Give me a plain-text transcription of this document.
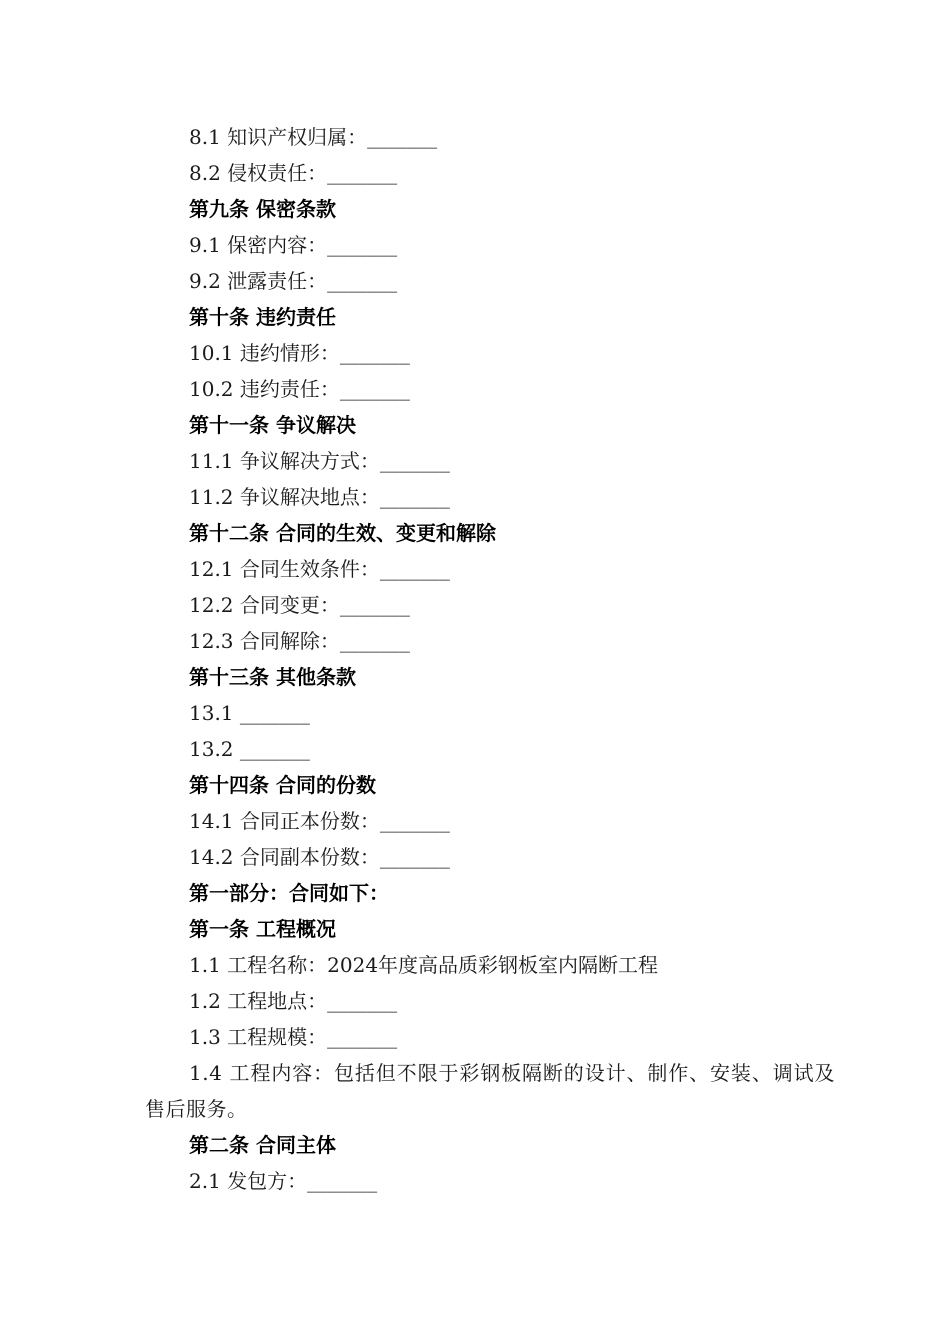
8.1 知识产权归属：_______
8.2 侵权责任：_______
第九条 保密条款
9.1 保密内容：_______
9.2 泄露责任：_______
第十条 违约责任
10.1 违约情形：_______
10.2 违约责任：_______
第十一条 争议解决
11.1 争议解决方式：_______
11.2 争议解决地点：_______
第十二条 合同的生效、变更和解除
12.1 合同生效条件：_______
12.2 合同变更：_______
12.3 合同解除：_______
第十三条 其他条款
13.1 _______
13.2 _______
第十四条 合同的份数
14.1 合同正本份数：_______
14.2 合同副本份数：_______
第一部分：合同如下：
第一条 工程概况
1.1 工程名称：2024年度高品质彩钢板室内隔断工程
1.2 工程地点：_______
1.3 工程规模：_______
1.4 工程内容：包括但不限于彩钢板隔断的设计、制作、安装、调试及售后服务。
第二条 合同主体
2.1 发包方：_______
